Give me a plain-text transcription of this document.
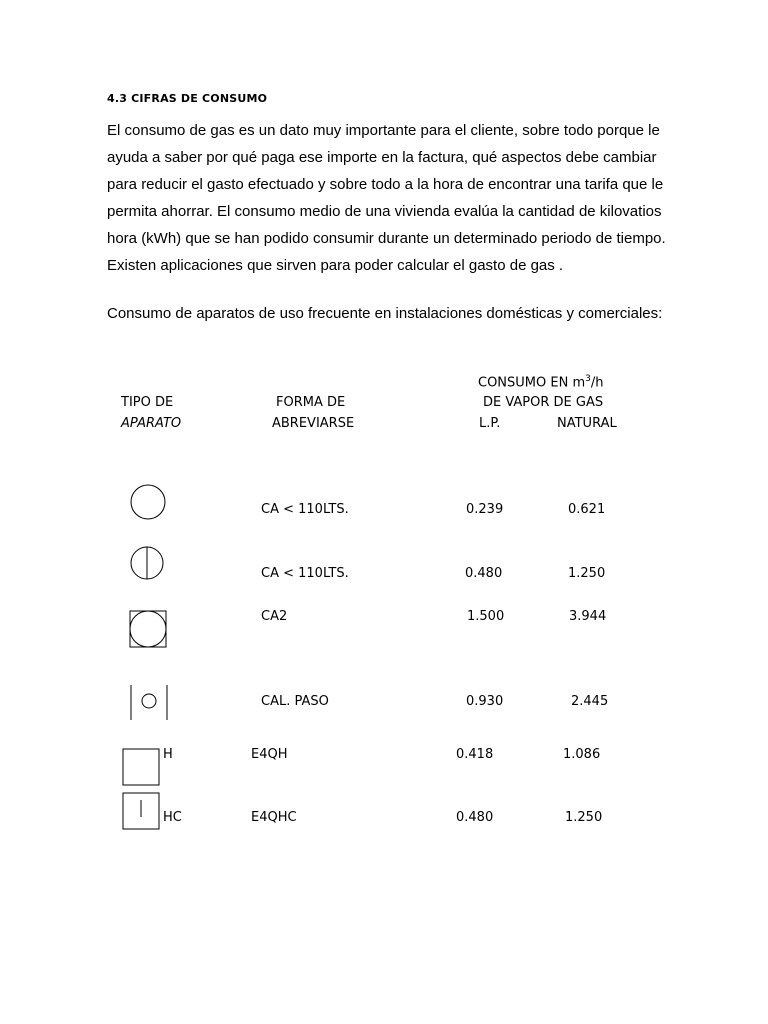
4.3 CIFRAS DE CONSUMO

El consumo de gas es un dato muy importante para el cliente, sobre todo porque le
ayuda a saber por qué paga ese importe en la factura, qué aspectos debe cambiar
para reducir el gasto efectuado y sobre todo a la hora de encontrar una tarifa que le
permita ahorrar. El consumo medio de una vivienda evalúa la cantidad de kilovatios
hora (kWh) que se han podido consumir durante un determinado periodo de tiempo.
Existen aplicaciones que sirven para poder calcular el gasto de gas .

Consumo de aparatos de uso frecuente en instalaciones domésticas y comerciales:
TIPO DE
APARATO
FORMA DE
ABREVIARSE
CONSUMO EN $m^3/h$
DE VAPOR DE GAS
L.P.	NATURAL
CA < 110LTS.	0.239	0.621
CA < 110LTS.	0.480	1.250
CA2	1.500	3.944
CAL. PASO	0.930	2.445
H	E4QH	0.418	1.086
HC	E4QHC	0.480	1.250
